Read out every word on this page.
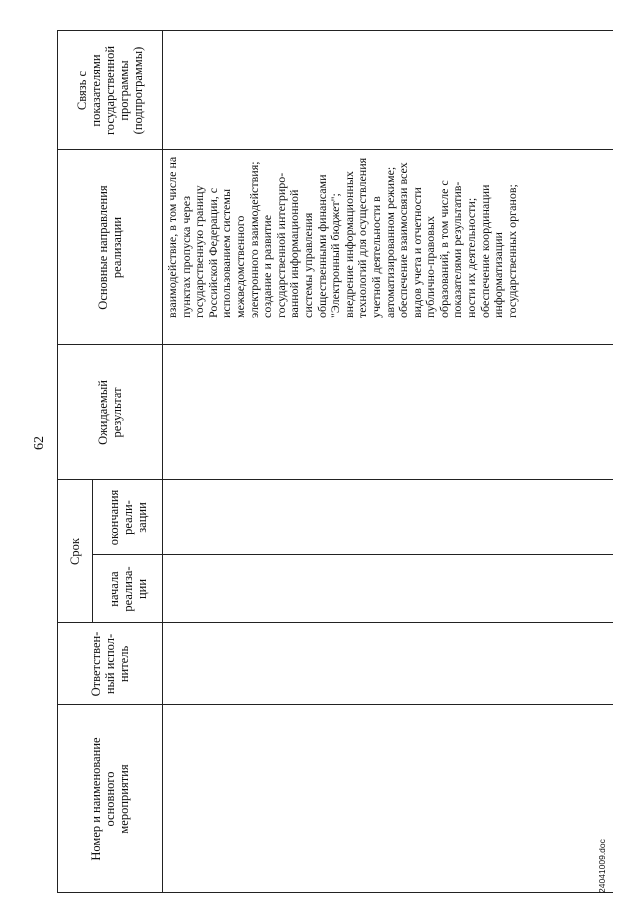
62
Номер и наименование
основного
мероприятия
Ответствен-
ный испол-
нитель
Срок
начала
реализа-
ции
окончания
реали-
зации
Ожидаемый
результат
Основные направления
реализации
Связь с
показателями
государственной
программы
(подпрограммы)
взаимодействие, в том числе на пунктах пропуска через государственную границу Российской Федерации, с использованием системы межведомственного электронного взаимодействия; создание и развитие государственной интегриро- ванной информационной системы управления общественными финансами "Электронный бюджет"; внедрение информационных технологий для осуществления учетной деятельности в автоматизированном режиме; обеспечение взаимосвязи всех видов учета и отчетности публично-правовых образований, в том числе с показателями результатив- ности их деятельности; обеспечение координации информатизации государственных органов;
24041009.doc
